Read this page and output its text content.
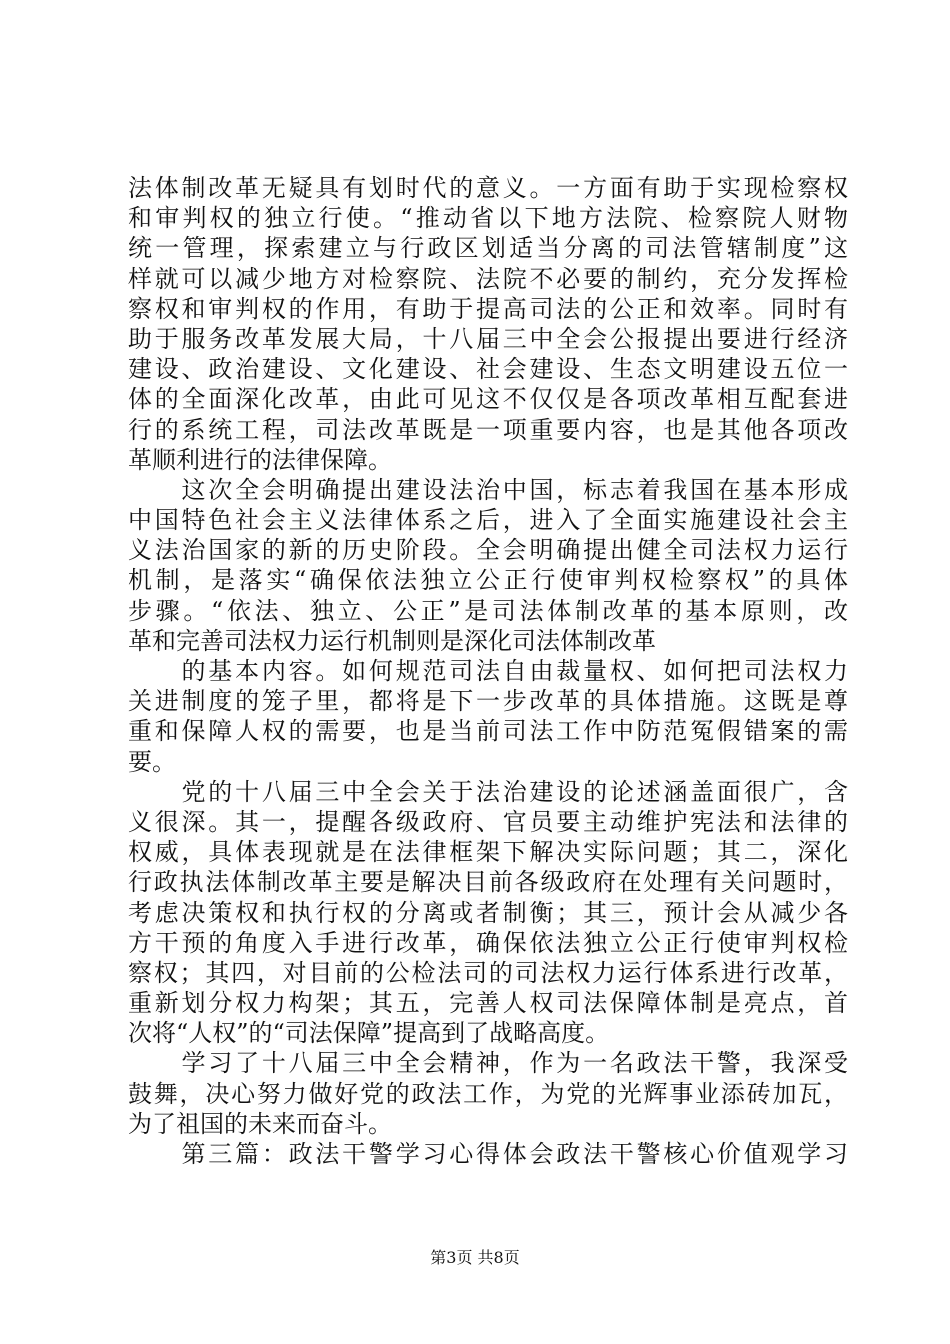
法体制改革无疑具有划时代的意义。一方面有助于实现检察权
和审判权的独立行使。“推动省以下地方法院、检察院人财物
统一管理，探索建立与行政区划适当分离的司法管辖制度”这
样就可以减少地方对检察院、法院不必要的制约，充分发挥检
察权和审判权的作用，有助于提高司法的公正和效率。同时有
助于服务改革发展大局，十八届三中全会公报提出要进行经济
建设、政治建设、文化建设、社会建设、生态文明建设五位一
体的全面深化改革，由此可见这不仅仅是各项改革相互配套进
行的系统工程，司法改革既是一项重要内容，也是其他各项改
革顺利进行的法律保障。
　　这次全会明确提出建设法治中国，标志着我国在基本形成
中国特色社会主义法律体系之后，进入了全面实施建设社会主
义法治国家的新的历史阶段。全会明确提出健全司法权力运行
机制，是落实“确保依法独立公正行使审判权检察权”的具体
步骤。“依法、独立、公正”是司法体制改革的基本原则，改
革和完善司法权力运行机制则是深化司法体制改革
　　的基本内容。如何规范司法自由裁量权、如何把司法权力
关进制度的笼子里，都将是下一步改革的具体措施。这既是尊
重和保障人权的需要，也是当前司法工作中防范冤假错案的需
要。
　　党的十八届三中全会关于法治建设的论述涵盖面很广，含
义很深。其一，提醒各级政府、官员要主动维护宪法和法律的
权威，具体表现就是在法律框架下解决实际问题；其二，深化
行政执法体制改革主要是解决目前各级政府在处理有关问题时，
考虑决策权和执行权的分离或者制衡；其三，预计会从减少各
方干预的角度入手进行改革，确保依法独立公正行使审判权检
察权；其四，对目前的公检法司的司法权力运行体系进行改革，
重新划分权力构架；其五，完善人权司法保障体制是亮点，首
次将“人权”的“司法保障”提高到了战略高度。
　　学习了十八届三中全会精神，作为一名政法干警，我深受
鼓舞，决心努力做好党的政法工作，为党的光辉事业添砖加瓦，
为了祖国的未来而奋斗。
　　第三篇：政法干警学习心得体会政法干警核心价值观学习
第3页 共8页
